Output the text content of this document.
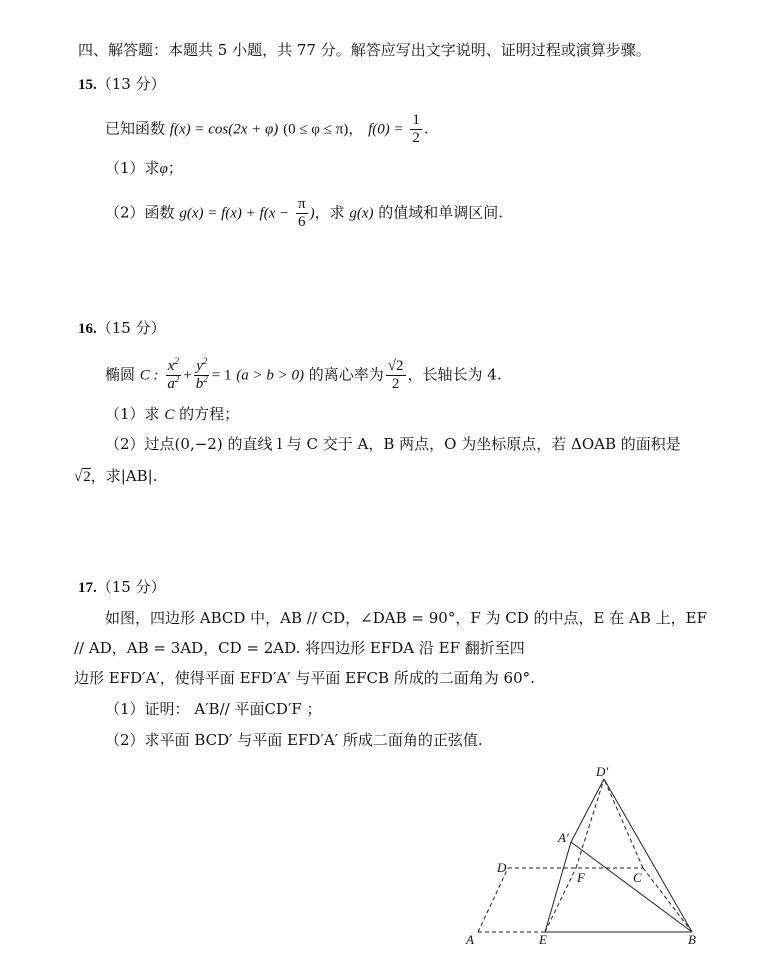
四、解答题：本题共 5 小题，共 77 分。解答应写出文字说明、证明过程或演算步骤。
15.（13 分）
已知函数 f(x) = cos(2x + φ) (0 ≤ φ ≤ π)， $f(0) = \frac{1}{2}$ .
（1）求φ；
（2）函数 $g(x) = f(x) + f(x - \frac{\pi}{6}$ )，求 g(x) 的值域和单调区间.
16.（15 分）
椭圆 C : $\frac{x^2}{a^2} + \frac{y^2}{b^2} = 1$ (a > b > 0) 的离心率为 $\frac{√2}{2}$ ，长轴长为 4.
（1）求 C 的方程；
（2）过点(0,−2) 的直线 l 与 C 交于 A，B 两点，O 为坐标原点，若 ΔOAB 的面积是
√2，求|AB|.
17.（15 分）
如图，四边形 ABCD 中，AB // CD，∠DAB = 90°，F 为 CD 的中点，E 在 AB 上，EF
// AD，AB = 3AD，CD = 2AD. 将四边形 EFDA 沿 EF 翻折至四
边形 EFD′A′，使得平面 EFD′A′ 与平面 EFCB 所成的二面角为 60°.
（1）证明： A′B// 平面CD′F ；
（2）求平面 BCD′ 与平面 EFD′A′ 所成二面角的正弦值.
D′
A′
D
F	C
A	E	B
